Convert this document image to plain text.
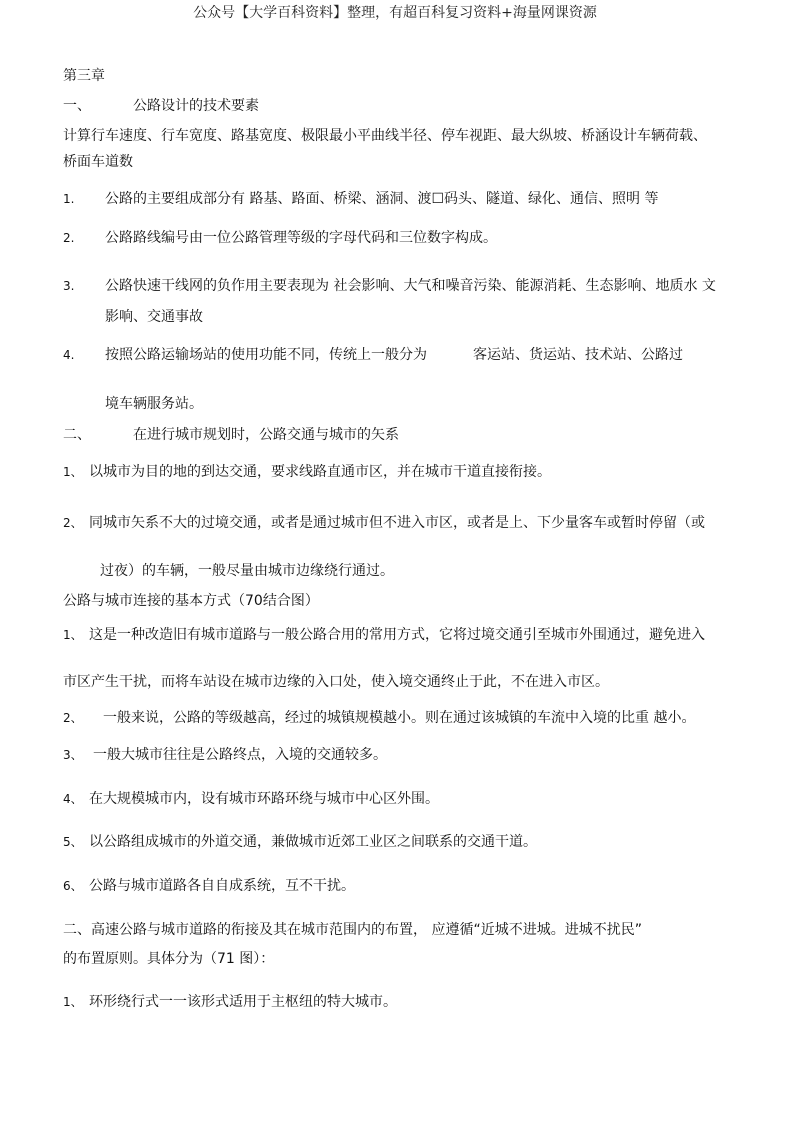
公众号【大学百科资料】整理，有超百科复习资料+海量网课资源
第三章
一、	公路设计的技术要素
计算行车速度、行车宽度、路基宽度、极限最小平曲线半径、停车视距、最大纵坡、桥涵设计车辆荷载、
桥面车道数
1. 公路的主要组成部分有 路基、路面、桥梁、涵洞、渡☐码头、隧道、绿化、通信、照明 等
2. 公路路线编号由一位公路管理等级的字母代码和三位数字构成。
3. 公路快速干线网的负作用主要表现为 社会影响、大气和噪音污染、能源消耗、生态影响、地质水 文
影响、交通事故
4. 按照公路运输场站的使用功能不同，传统上一般分为	客运站、货运站、技术站、公路过
境车辆服务站。
二、	在进行城市规划时，公路交通与城市的矢系
1、 以城市为目的地的到达交通，要求线路直通市区，并在城市干道直接衔接。
2、 同城市矢系不大的过境交通，或者是通过城市但不进入市区，或者是上、下少量客车或暂时停留（或
过夜）的车辆，一般尽量由城市边缘绕行通过。
公路与城市连接的基本方式（70结合图）
1、 这是一种改造旧有城市道路与一般公路合用的常用方式，它将过境交通引至城市外围通过，避免进入
市区产生干扰，而将车站设在城市边缘的入口处，使入境交通终止于此，不在进入市区。
2、 一般来说，公路的等级越高，经过的城镇规模越小。则在通过该城镇的车流中入境的比重 越小。
3、 一般大城市往往是公路终点，入境的交通较多。
4、 在大规模城市内，设有城市环路环绕与城市中心区外围。
5、 以公路组成城市的外道交通，兼做城市近郊工业区之间联系的交通干道。
6、 公路与城市道路各自自成系统，互不干扰。
二、高速公路与城市道路的衔接及其在城市范围内的布置， 应遵循“近城不进城。进城不扰民”
的布置原则。具体分为（71 图）：
1、 环形绕行式一一该形式适用于主枢纽的特大城市。
